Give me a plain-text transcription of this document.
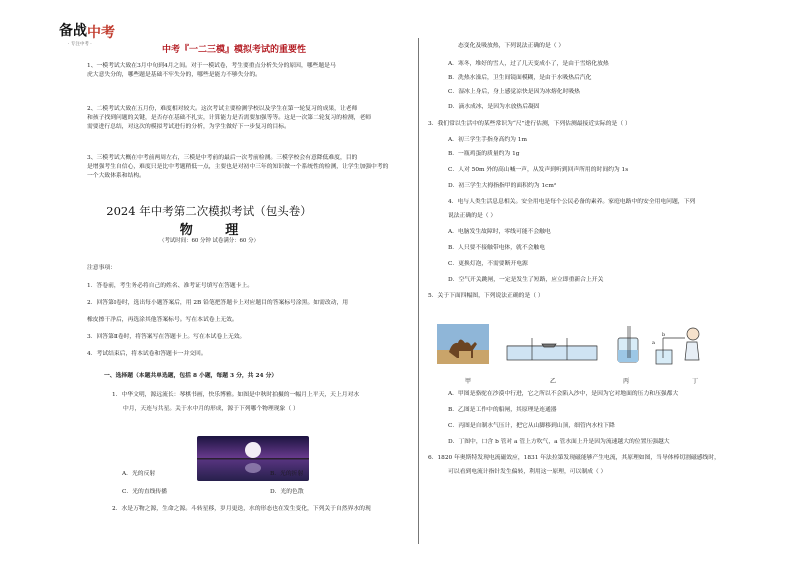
备战 中考
· 专注中考 ·
中考『一二三模』模拟考试的重要性
1、一模考试大致在3月中旬到4月之间。对于一模试卷，考生要重点分析失分的原因，哪些题是马
虎大意失分的，哪些题是基础不牢失分的，哪些是能力不够失分的。
2、二模考试大致在五月份，难度相对较大。这次考试主要检测学校以及学生在第一轮复习的成果，让老师
和孩子找到问题的关键，是否存在基础不扎实，计算能力是否需要加强等等。这是一次第二轮复习的检测，老师
需要进行总结，对这次的模拟考试进行的分析，为学生做好下一步复习的目标。
3、三模考试大概在中考前两周左右，三模是中考前的最后一次考前检测。三模学校会有意降低难度，目的
是增强考生自信心，难度只是比中考题稍低一点，主要也是对初中三年的知识做一个系统性的检测，让学生加强中考的
一个大致体系和结构。
2024 年中考第二次模拟考试（包头卷）
物 理
（考试时间：60 分钟 试卷满分：60 分）
注意事项：
1．答卷前，考生务必将自己的姓名、准考证号填写在答题卡上。
2．回答第Ⅰ卷时，选出每小题答案后，用 2B 铅笔把答题卡上对应题目的答案标号涂黑。如需改动，用
橡皮擦干净后，再选涂其他答案标号。写在本试卷上无效。
3．回答第Ⅱ卷时，将答案写在答题卡上。写在本试卷上无效。
4．考试结束后，将本试卷和答题卡一并交回。
一、选择题（本题共单选题，包括 8 小题，每题 3 分，共 24 分）
1．中华文明，源远流长：琴棋书画，快乐博雅。如图是中秋时拍摄的一幅月上平天，天上月对水
中月，天连与共星。关于水中月的形成，源于下列哪个物理现象（ ）
A．光的反射	B．光的折射
C．光的直线传播	D．光的色散
2．水是万物之源，生命之源。斗转星移，岁月更迭，水的形态也在发生变化，下列关于自然界水的现
态变化及吸放热，下列说法正确的是（ ）
A．寒冬，堆好的雪人，过了几天变成小了，是由于雪熔化放热
B．洗热水澡后，卫生间镜面模糊，是由于水吸热后汽化
C．湿冰上身后，身上感觉凉快是因为冰熔化时吸热
D．滴水成冰，是因为水放热后凝固
3．我们常以生活中的某些常识为“尺”进行估测，下列估测最接近实际的是（ ）
A．初三学生手指身高约为 1m
B．一瓶鸡蛋的质量约为 1g
C．人对 50m 外的高山喊一声，从发声到听到回声所用的时间约为 1s
D．初三学生大拇指指甲的面积约为 1cm²
4．电与人类生活息息相关。安全用电是每个公民必备的素养。家庭电路中的安全用电问题，下列
说法正确的是（ ）
A．电脑发生故障时，零线可能不会触电
B．人只要不接触带电体，就不会触电
C．更换灯泡，不需要断开电源
D．空气开关跳闸，一定是发生了短路，应立即重新合上开关
5．关于下面四幅图，下列说法正确的是（ ）
甲	乙	丙	丁
a
b
A．甲图是骆驼在沙漠中行进，它之所以不会陷入沙中，是因为它对地面的压力和压强都大
B．乙图是工作中的船闸，其原理是连通器
C．丙图是自制水气压计，把它从山脚移到山顶，细管内水柱下降
D．丁图中，口含 b 管对 a 管上方吹气，a 管水面上升是因为流速越大的位置压强越大
6．1820 年奥斯特发现电流磁效应，1831 年法拉第发现磁能够产生电流，其原理如图，当导体棒切割磁感线时，
可以看到电流计指针发生偏转，利用这一原理，可以制成（ ）
